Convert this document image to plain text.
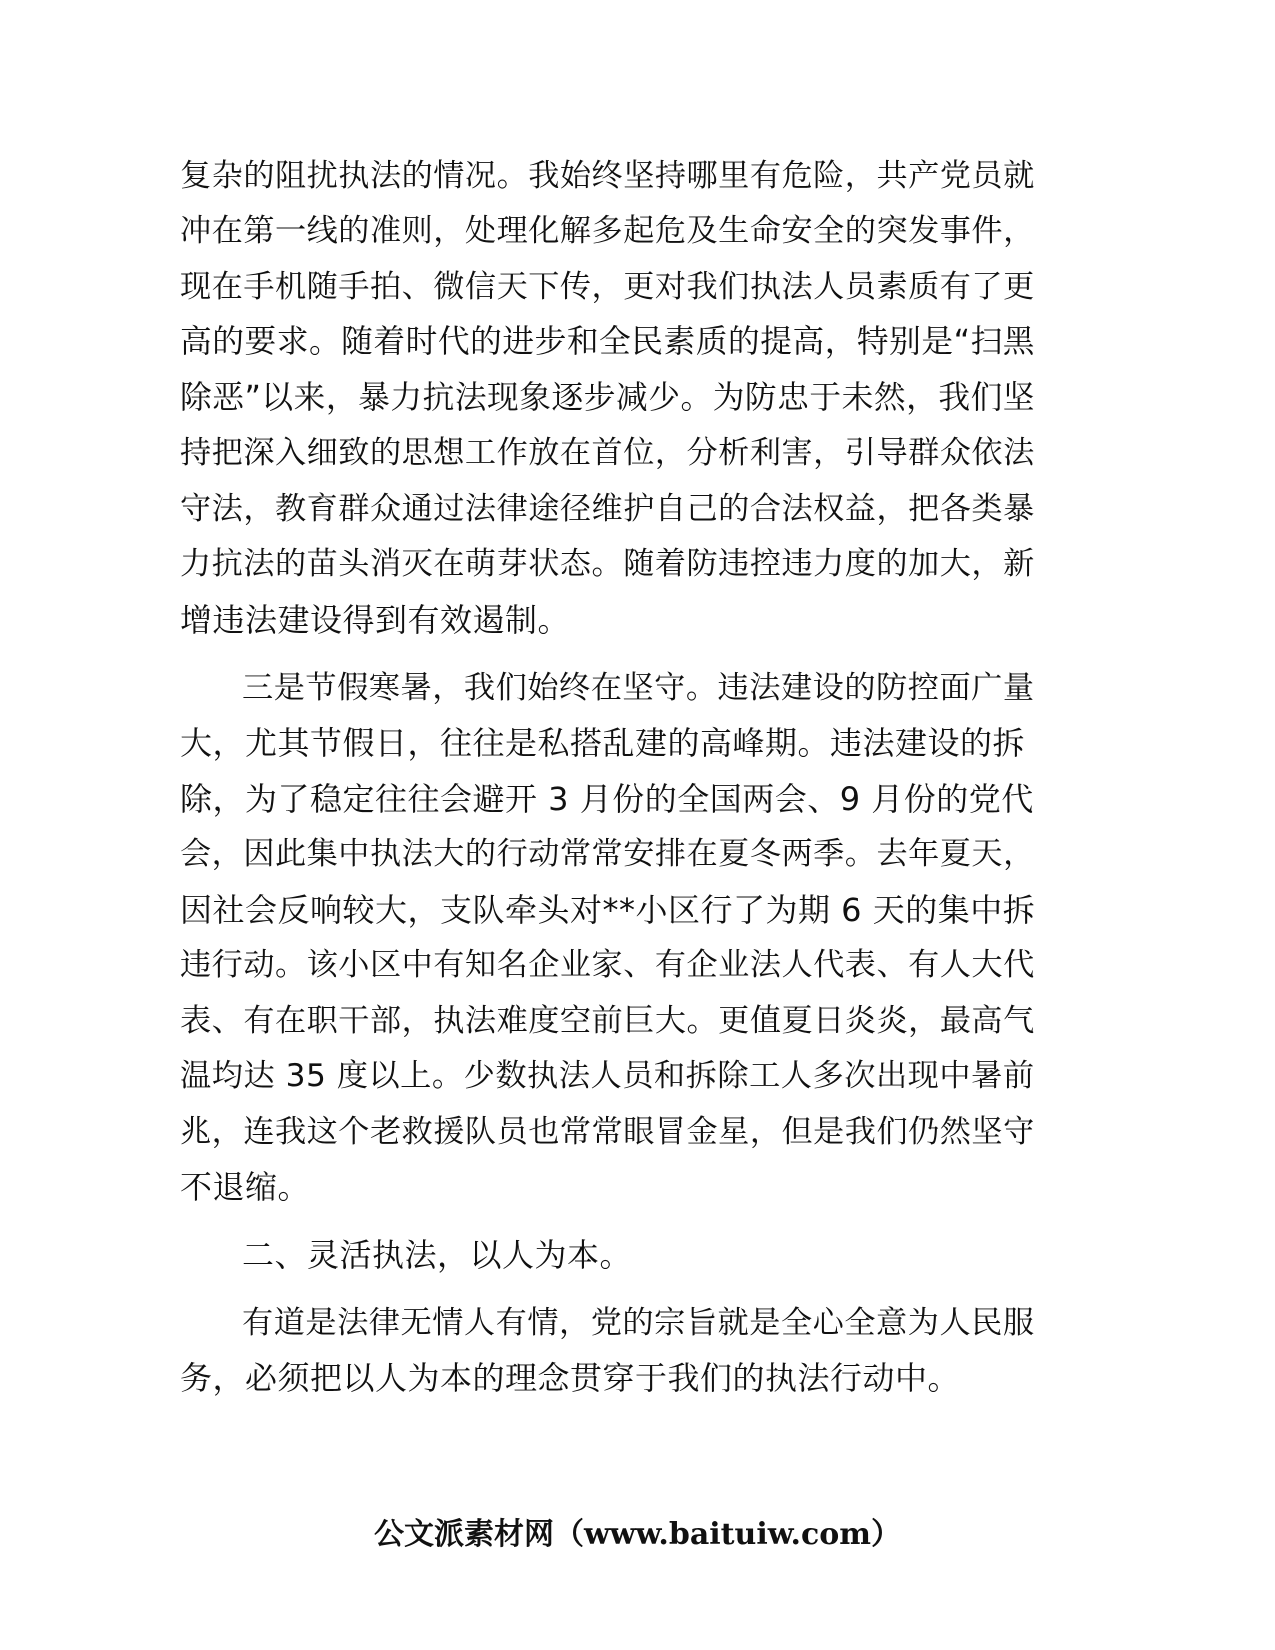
复杂的阻扰执法的情况。我始终坚持哪里有危险，共产党员就
冲在第一线的准则，处理化解多起危及生命安全的突发事件，
现在手机随手拍、微信天下传，更对我们执法人员素质有了更
高的要求。随着时代的进步和全民素质的提高，特别是“扫黑
除恶”以来，暴力抗法现象逐步减少。为防忠于未然，我们坚
持把深入细致的思想工作放在首位，分析利害，引导群众依法
守法，教育群众通过法律途径维护自己的合法权益，把各类暴
力抗法的苗头消灭在萌芽状态。随着防违控违力度的加大，新
增违法建设得到有效遏制。
三是节假寒暑，我们始终在坚守。违法建设的防控面广量
大，尤其节假日，往往是私搭乱建的高峰期。违法建设的拆
除，为了稳定往往会避开 3 月份的全国两会、9 月份的党代
会，因此集中执法大的行动常常安排在夏冬两季。去年夏天，
因社会反响较大，支队牵头对**小区行了为期 6 天的集中拆
违行动。该小区中有知名企业家、有企业法人代表、有人大代
表、有在职干部，执法难度空前巨大。更值夏日炎炎，最高气
温均达 35 度以上。少数执法人员和拆除工人多次出现中暑前
兆，连我这个老救援队员也常常眼冒金星，但是我们仍然坚守
不退缩。
二、灵活执法，以人为本。
有道是法律无情人有情，党的宗旨就是全心全意为人民服
务，必须把以人为本的理念贯穿于我们的执法行动中。
公文派素材网（www.baituiw.com）
